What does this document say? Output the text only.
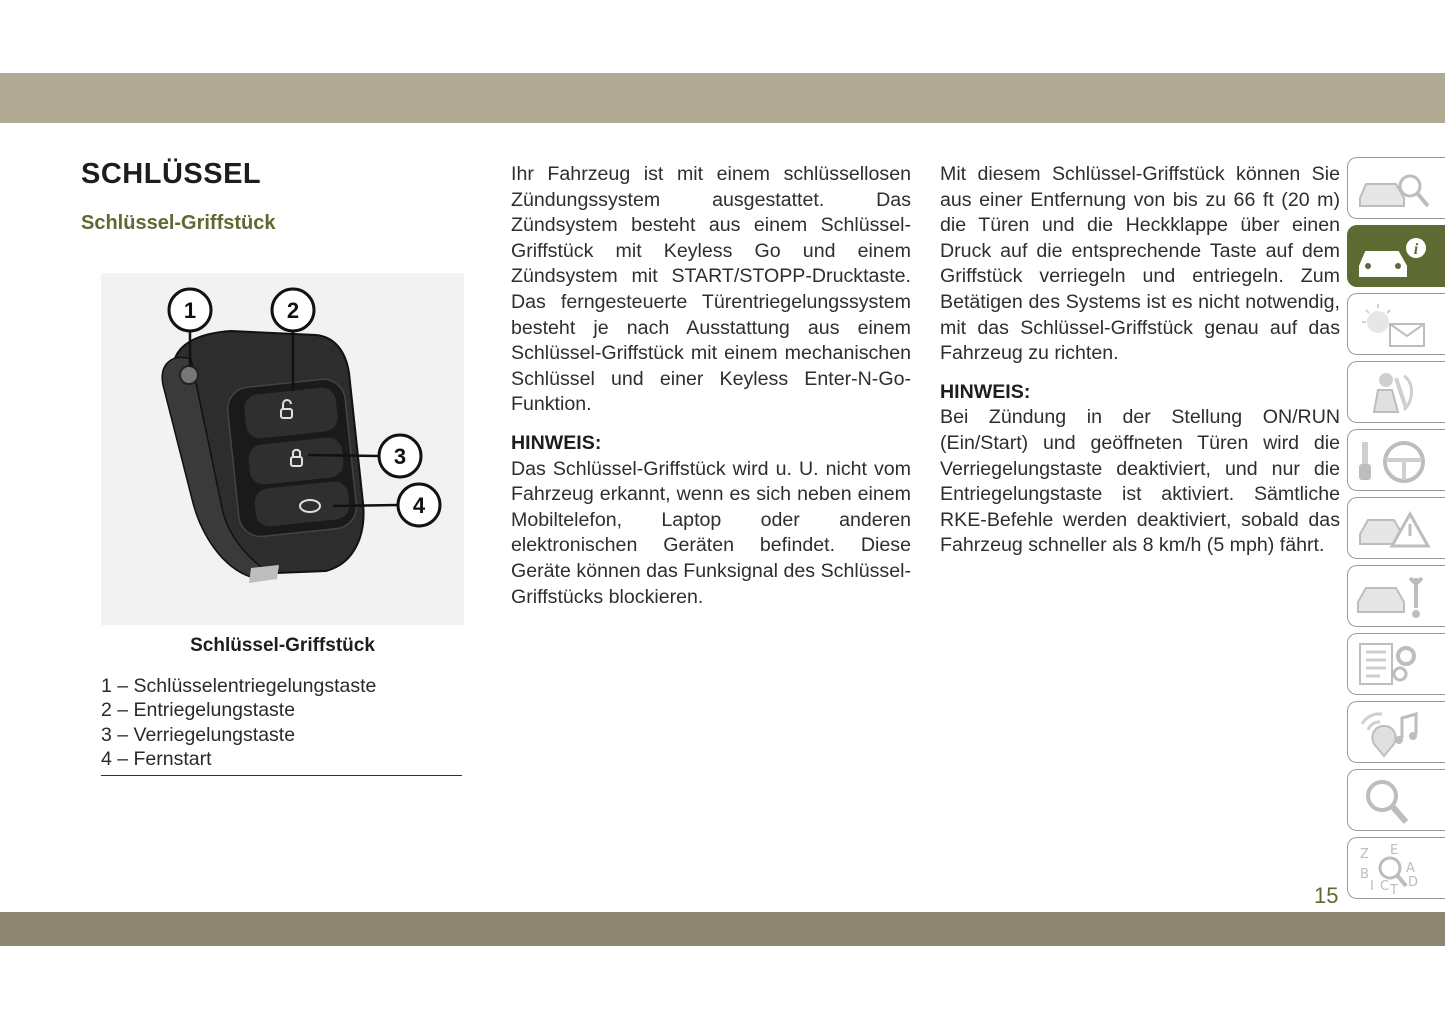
SCHLÜSSEL
Schlüssel-Griffstück
1	2
3
4
Schlüssel-Griffstück
1 – Schlüsselentriegelungstaste
2 – Entriegelungstaste
3 – Verriegelungstaste
4 – Fernstart

Ihr Fahrzeug ist mit einem schlüssellosen Zündungssystem ausgestattet. Das Zündsystem besteht aus einem Schlüssel-Griffstück mit Keyless Go und einem Zündsystem mit START/STOPP-Drucktaste. Das ferngesteuerte Türentriegelungssystem besteht je nach Ausstattung aus einem Schlüssel-Griffstück mit einem mechanischen Schlüssel und einer Keyless Enter-N-Go-Funktion.

HINWEIS:

Das Schlüssel-Griffstück wird u. U. nicht vom Fahrzeug erkannt, wenn es sich neben einem Mobiltelefon, Laptop oder anderen elektronischen Geräten befindet. Diese Geräte können das Funksignal des Schlüssel-Griffstücks blockieren.

Mit diesem Schlüssel-Griffstück können Sie aus einer Entfernung von bis zu 66 ft (20 m) die Türen und die Heckklappe über einen Druck auf die entsprechende Taste auf dem Griffstück verriegeln und entriegeln. Zum Betätigen des Systems ist es nicht notwendig, mit das Schlüssel-Griffstück genau auf das Fahrzeug zu richten.

HINWEIS:

Bei Zündung in der Stellung ON/RUN (Ein/Start) und geöffneten Türen wird die Verriegelungstaste deaktiviert, und nur die Entriegelungstaste ist aktiviert. Sämtliche RKE-Befehle werden deaktiviert, sobald das Fahrzeug schneller als 8 km/h (5 mph) fährt.

i
Z E
A
B
D
I C T
15
